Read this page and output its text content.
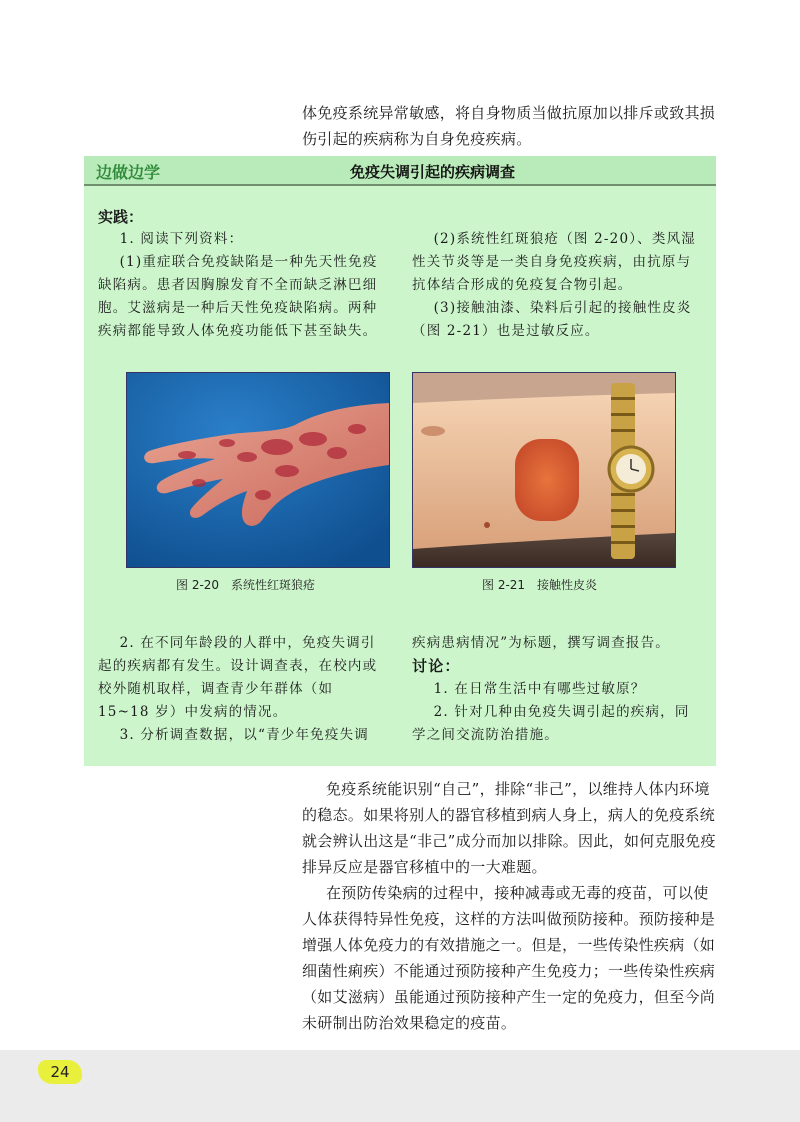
体免疫系统异常敏感，将自身物质当做抗原加以排斥或致其损

伤引起的疾病称为自身免疫疾病。

边做边学	免疫失调引起的疾病调查
实践：

1. 阅读下列资料：

(1)重症联合免疫缺陷是一种先天性免疫缺陷病。患者因胸腺发育不全而缺乏淋巴细胞。艾滋病是一种后天性免疫缺陷病。两种疾病都能导致人体免疫功能低下甚至缺失。

(2)系统性红斑狼疮（图 2-20）、类风湿性关节炎等是一类自身免疫疾病，由抗原与抗体结合形成的免疫复合物引起。

(3)接触油漆、染料后引起的接触性皮炎（图 2-21）也是过敏反应。

图 2-20　系统性红斑狼疮	图 2-21　接触性皮炎

2. 在不同年龄段的人群中，免疫失调引起的疾病都有发生。设计调查表，在校内或校外随机取样，调查青少年群体（如 15~18 岁）中发病的情况。

3. 分析调查数据，以“青少年免疫失调

疾病患病情况”为标题，撰写调查报告。

讨论：

1. 在日常生活中有哪些过敏原？

2. 针对几种由免疫失调引起的疾病，同学之间交流防治措施。

免疫系统能识别“自己”，排除“非己”，以维持人体内环境的稳态。如果将别人的器官移植到病人身上，病人的免疫系统就会辨认出这是“非己”成分而加以排除。因此，如何克服免疫排异反应是器官移植中的一大难题。

在预防传染病的过程中，接种减毒或无毒的疫苗，可以使人体获得特异性免疫，这样的方法叫做预防接种。预防接种是增强人体免疫力的有效措施之一。但是，一些传染性疾病（如细菌性痢疾）不能通过预防接种产生免疫力；一些传染性疾病（如艾滋病）虽能通过预防接种产生一定的免疫力，但至今尚未研制出防治效果稳定的疫苗。

24
